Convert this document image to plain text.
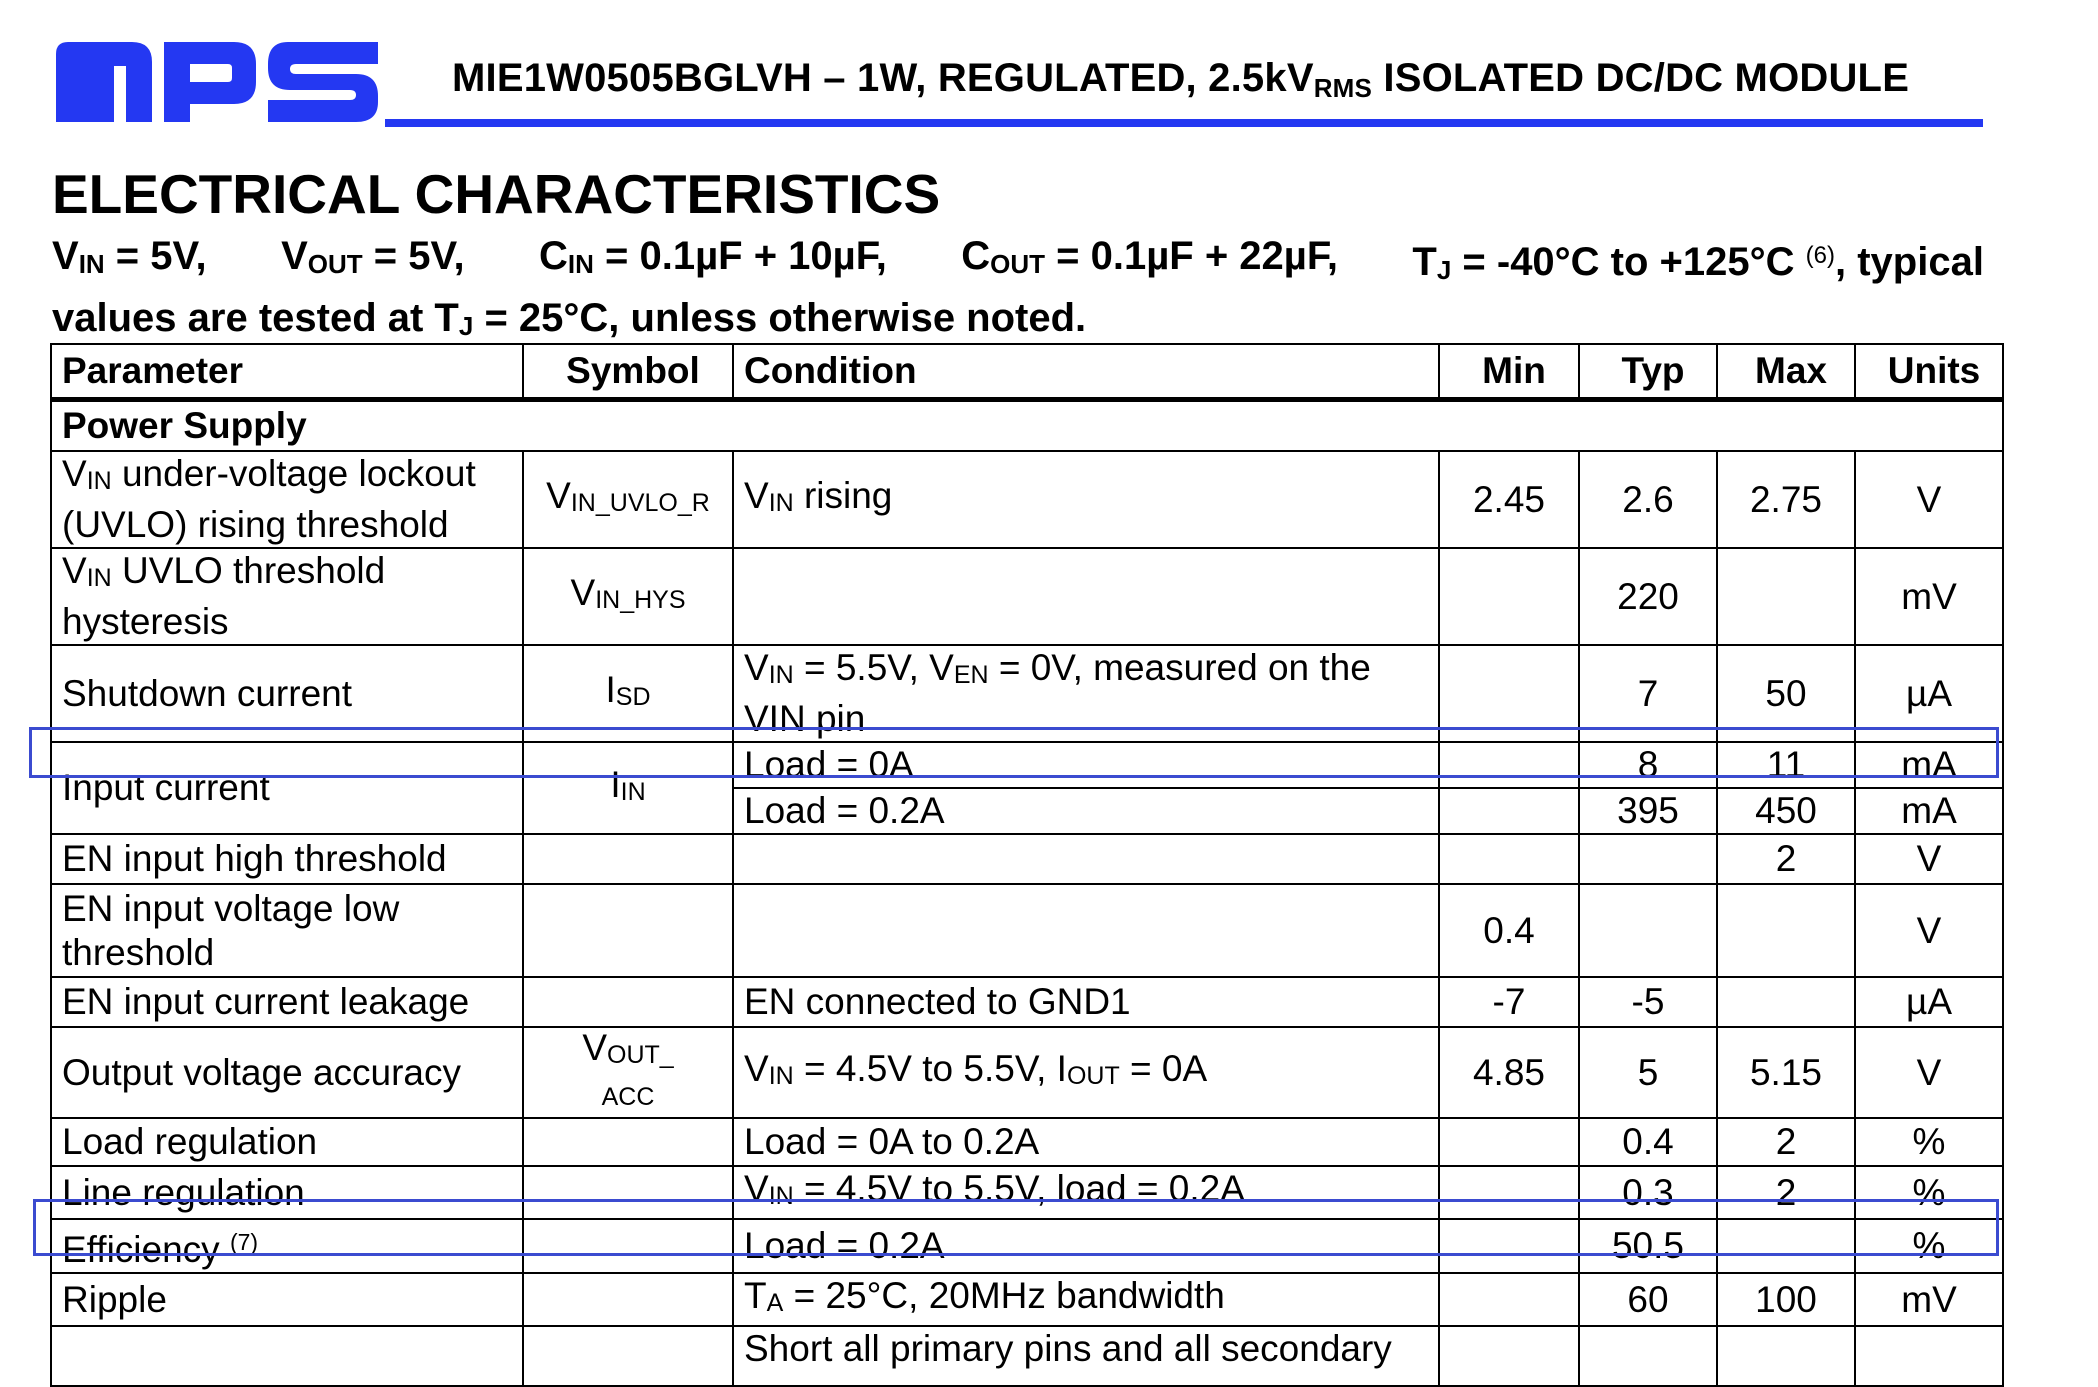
MIE1W0505BGLVH – 1W, REGULATED, $2.5kV_{RMS}$ ISOLATED DC/DC MODULE
ELECTRICAL CHARACTERISTICS
$V_{IN} = 5V$, $V_{OUT} = 5V$, $C_{IN} = 0.1\mu F + 10\mu F$, $C_{OUT} = 0.1\mu F + 22\mu F$, $T_J = -40^\circ C$ to +125°C $^{(6)}$, typical
values are tested at $T_J = 25^\circ C$, unless otherwise noted.
Parameter	Symbol	Condition	Min	Typ	Max	Units
Power Supply						
$V_{IN}$ under-voltage lockout (UVLO) rising threshold	$V_{IN\_UVLO\_R}$	$V_{IN}$ rising	2.45	2.6	2.75	V
$V_{IN}$ UVLO threshold hysteresis	$V_{IN\_HYS}$			220		mV
Shutdown current	$I_{SD}$	$V_{IN} = 5.5V$, $V_{EN} = 0V$, measured on the VIN pin		7	50	µA
Input current	$I_{IN}$	Load = 0A		8	11	mA
		Load = 0.2A		395	450	mA
EN input high threshold					2	V
EN input voltage low threshold			0.4			V
EN input current leakage		EN connected to GND1	-7	-5		µA
Output voltage accuracy	$V_{OUT\_}$
ACC	$V_{IN} = 4.5V$ to 5.5V, $I_{OUT} = 0A$	4.85	5	5.15	V
Load regulation		Load = 0A to 0.2A		0.4	2	%
Line regulation		$V_{IN} = 4.5V$ to 5.5V, load = 0.2A		0.3	2	%
Efficiency $^{(7)}$		Load = 0.2A		50.5		%
Ripple		$T_A = 25^\circ C$, 20MHz bandwidth		60	100	mV
		Short all primary pins and all secondary				
